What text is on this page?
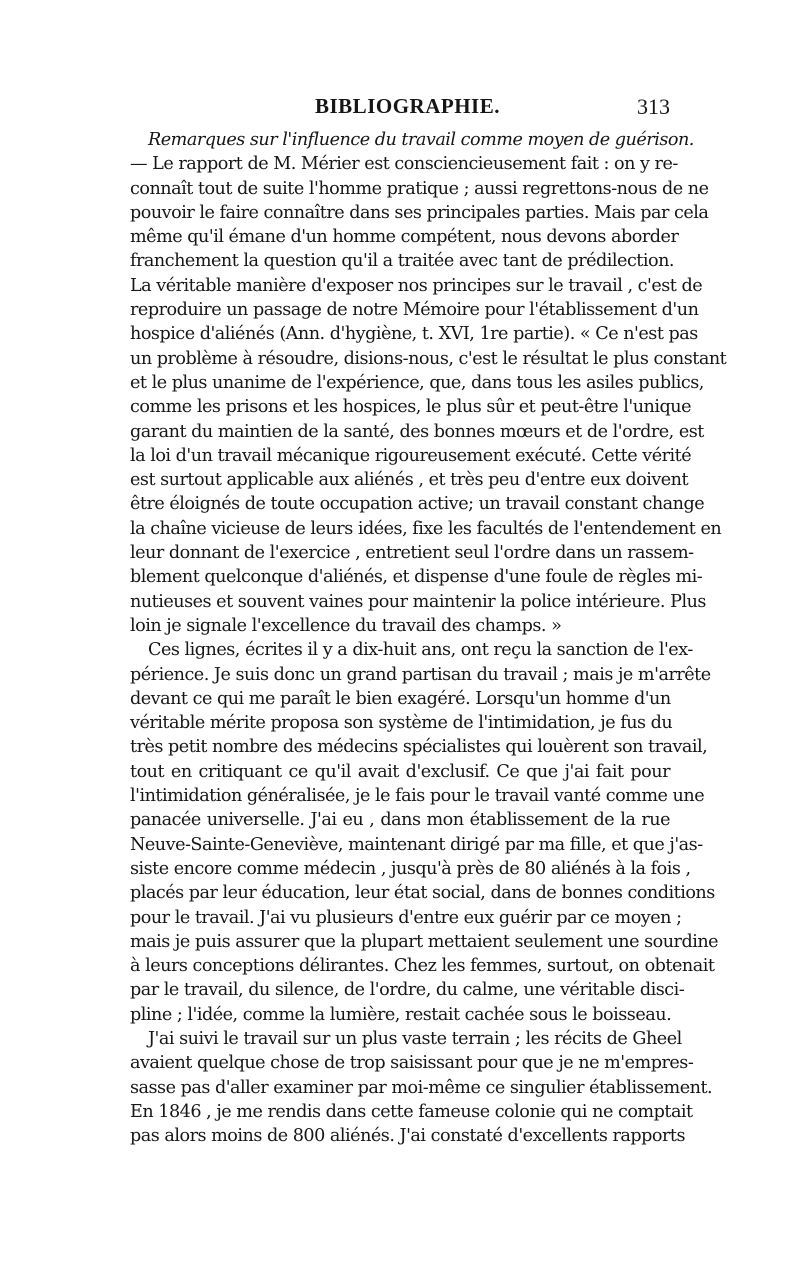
BIBLIOGRAPHIE.	313
Remarques sur l'influence du travail comme moyen de guérison.
— Le rapport de M. Mérier est consciencieusement fait : on y re-
connaît tout de suite l'homme pratique ; aussi regrettons-nous de ne
pouvoir le faire connaître dans ses principales parties. Mais par cela
même qu'il émane d'un homme compétent, nous devons aborder
franchement la question qu'il a traitée avec tant de prédilection.
La véritable manière d'exposer nos principes sur le travail , c'est de
reproduire un passage de notre Mémoire pour l'établissement d'un
hospice d'aliénés (Ann. d'hygiène, t. XVI, 1re partie). « Ce n'est pas
un problème à résoudre, disions-nous, c'est le résultat le plus constant
et le plus unanime de l'expérience, que, dans tous les asiles publics,
comme les prisons et les hospices, le plus sûr et peut-être l'unique
garant du maintien de la santé, des bonnes mœurs et de l'ordre, est
la loi d'un travail mécanique rigoureusement exécuté. Cette vérité
est surtout applicable aux aliénés , et très peu d'entre eux doivent
être éloignés de toute occupation active; un travail constant change
la chaîne vicieuse de leurs idées, fixe les facultés de l'entendement en
leur donnant de l'exercice , entretient seul l'ordre dans un rassem-
blement quelconque d'aliénés, et dispense d'une foule de règles mi-
nutieuses et souvent vaines pour maintenir la police intérieure. Plus
loin je signale l'excellence du travail des champs. »
Ces lignes, écrites il y a dix-huit ans, ont reçu la sanction de l'ex-
périence. Je suis donc un grand partisan du travail ; mais je m'arrête
devant ce qui me paraît le bien exagéré. Lorsqu'un homme d'un
véritable mérite proposa son système de l'intimidation, je fus du
très petit nombre des médecins spécialistes qui louèrent son travail,
tout en critiquant ce qu'il avait d'exclusif. Ce que j'ai fait pour
l'intimidation généralisée, je le fais pour le travail vanté comme une
panacée universelle. J'ai eu , dans mon établissement de la rue
Neuve-Sainte-Geneviève, maintenant dirigé par ma fille, et que j'as-
siste encore comme médecin , jusqu'à près de 80 aliénés à la fois ,
placés par leur éducation, leur état social, dans de bonnes conditions
pour le travail. J'ai vu plusieurs d'entre eux guérir par ce moyen ;
mais je puis assurer que la plupart mettaient seulement une sourdine
à leurs conceptions délirantes. Chez les femmes, surtout, on obtenait
par le travail, du silence, de l'ordre, du calme, une véritable disci-
pline ; l'idée, comme la lumière, restait cachée sous le boisseau.
J'ai suivi le travail sur un plus vaste terrain ; les récits de Gheel
avaient quelque chose de trop saisissant pour que je ne m'empres-
sasse pas d'aller examiner par moi-même ce singulier établissement.
En 1846 , je me rendis dans cette fameuse colonie qui ne comptait
pas alors moins de 800 aliénés. J'ai constaté d'excellents rapports
